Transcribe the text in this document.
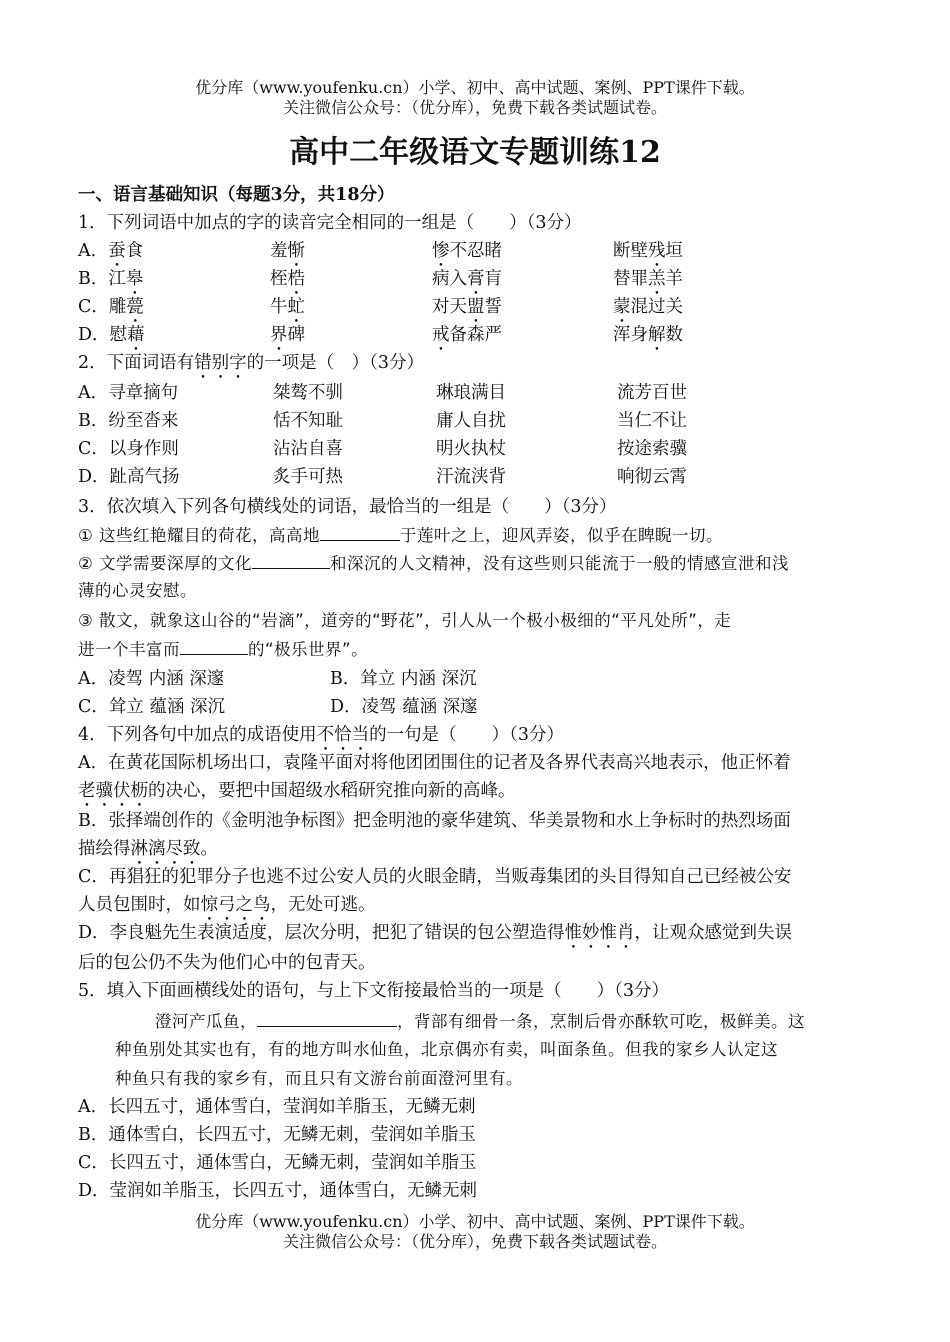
优分库（www.youfenku.cn）小学、初中、高中试题、案例、PPT课件下载。
关注微信公众号：（优分库），免费下载各类试题试卷。
高中二年级语文专题训练12
一、语言基础知识（每题3分，共18分）
1．下列词语中加点的字的读音完全相同的一组是（　　）（3分）
A．蚕食	羞惭	惨不忍睹	断壁残垣
B．江皋	桎梏	病入膏肓	替罪羔羊
C．雕甍	牛虻	对天盟誓	蒙混过关
D．慰藉	界碑	戒备森严	浑身解数
2．下面词语有错别字的一项是（　）（3分）
A．寻章摘句	桀骜不驯	琳琅满目	流芳百世
B．纷至沓来	恬不知耻	庸人自扰	当仁不让
C．以身作则	沾沾自喜	明火执杖	按途索骥
D．趾高气扬	炙手可热	汗流浃背	响彻云霄
3．依次填入下列各句横线处的词语，最恰当的一组是（　　）（3分）
① 这些红艳耀目的荷花，高高地	于莲叶之上，迎风弄姿，似乎在睥睨一切。
② 文学需要深厚的文化	和深沉的人文精神，没有这些则只能流于一般的情感宣泄和浅
薄的心灵安慰。
③ 散文，就象这山谷的“岩滴”，道旁的“野花”，引人从一个极小极细的“平凡处所”，走
进一个丰富而	的“极乐世界”。
A．凌驾 内涵 深邃	B．耸立 内涵 深沉
C．耸立 蕴涵 深沉	D．凌驾 蕴涵 深邃
4．下列各句中加点的成语使用不恰当的一句是（　　）（3分）
A．在黄花国际机场出口，袁隆平面对将他团团围住的记者及各界代表高兴地表示，他正怀着
老骥伏枥的决心，要把中国超级水稻研究推向新的高峰。
B．张择端创作的《金明池争标图》把金明池的豪华建筑、华美景物和水上争标时的热烈场面
描绘得淋漓尽致。
C．再猖狂的犯罪分子也逃不过公安人员的火眼金睛，当贩毒集团的头目得知自己已经被公安
人员包围时，如惊弓之鸟，无处可逃。
D．李良魁先生表演适度，层次分明，把犯了错误的包公塑造得惟妙惟肖，让观众感觉到失误
后的包公仍不失为他们心中的包青天。
5．填入下面画横线处的语句，与上下文衔接最恰当的一项是（　　）（3分）
澄河产瓜鱼，	，背部有细骨一条，烹制后骨亦酥软可吃，极鲜美。这
种鱼别处其实也有，有的地方叫水仙鱼，北京偶亦有卖，叫面条鱼。但我的家乡人认定这
种鱼只有我的家乡有，而且只有文游台前面澄河里有。
A．长四五寸，通体雪白，莹润如羊脂玉，无鳞无刺
B．通体雪白，长四五寸，无鳞无刺，莹润如羊脂玉
C．长四五寸，通体雪白，无鳞无刺，莹润如羊脂玉
D．莹润如羊脂玉，长四五寸，通体雪白，无鳞无刺
优分库（www.youfenku.cn）小学、初中、高中试题、案例、PPT课件下载。
关注微信公众号：（优分库），免费下载各类试题试卷。
